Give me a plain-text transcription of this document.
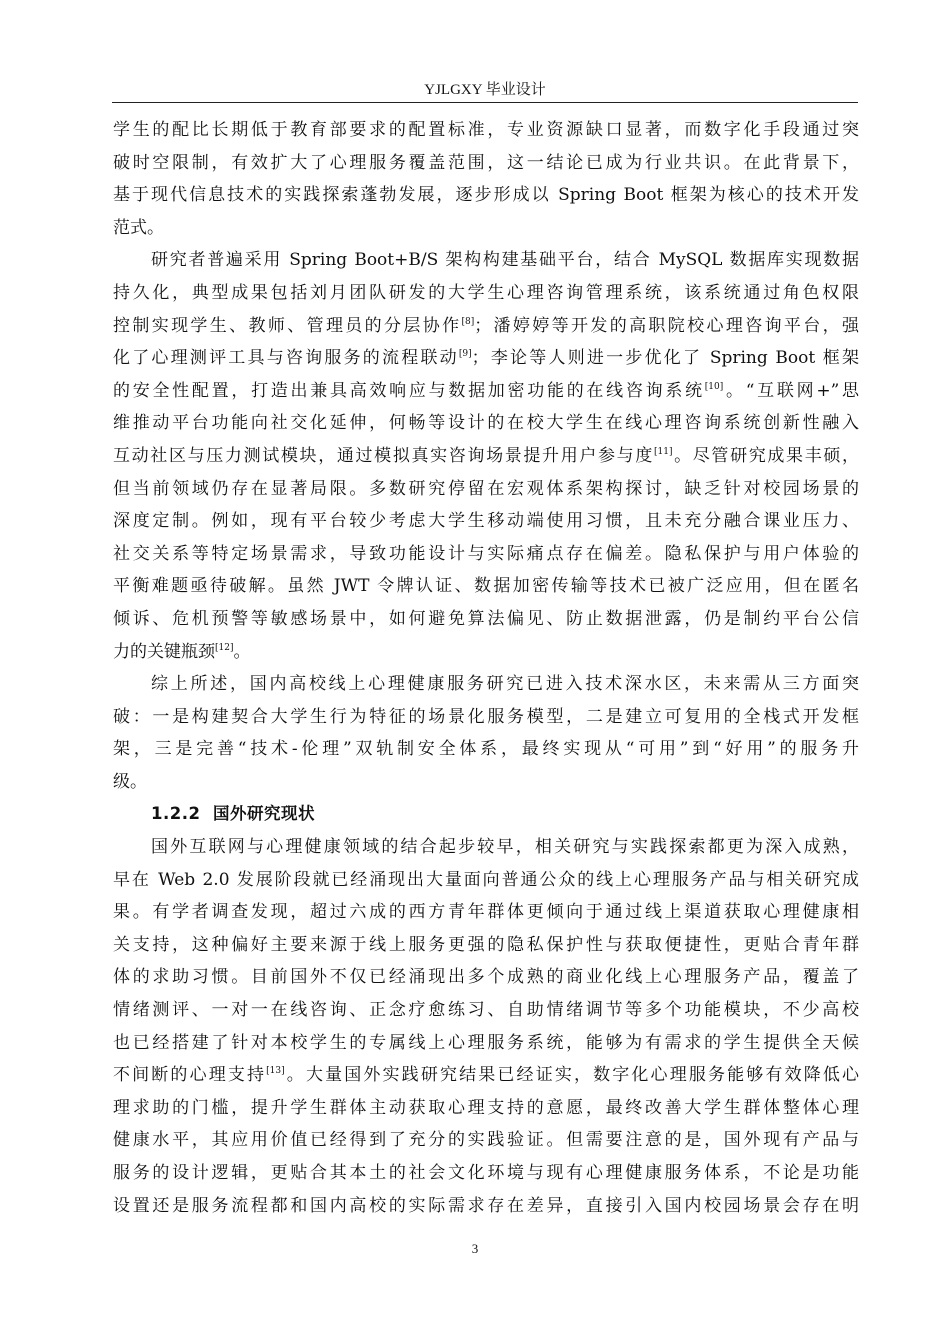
YJLGXY 毕业设计
学生的配比长期低于教育部要求的配置标准，专业资源缺口显著，而数字化手段通过突
破时空限制，有效扩大了心理服务覆盖范围，这一结论已成为行业共识。在此背景下，
基于现代信息技术的实践探索蓬勃发展，逐步形成以 Spring Boot 框架为核心的技术开发
范式。
研究者普遍采用 Spring Boot+B/S 架构构建基础平台，结合 MySQL 数据库实现数据
持久化，典型成果包括刘月团队研发的大学生心理咨询管理系统，该系统通过角色权限
控制实现学生、教师、管理员的分层协作[8]；潘婷婷等开发的高职院校心理咨询平台，强
化了心理测评工具与咨询服务的流程联动[9]；李论等人则进一步优化了 Spring Boot 框架
的安全性配置，打造出兼具高效响应与数据加密功能的在线咨询系统[10]。“互联网+”思
维推动平台功能向社交化延伸，何畅等设计的在校大学生在线心理咨询系统创新性融入
互动社区与压力测试模块，通过模拟真实咨询场景提升用户参与度[11]。尽管研究成果丰硕，
但当前领域仍存在显著局限。多数研究停留在宏观体系架构探讨，缺乏针对校园场景的
深度定制。例如，现有平台较少考虑大学生移动端使用习惯，且未充分融合课业压力、
社交关系等特定场景需求，导致功能设计与实际痛点存在偏差。隐私保护与用户体验的
平衡难题亟待破解。虽然 JWT 令牌认证、数据加密传输等技术已被广泛应用，但在匿名
倾诉、危机预警等敏感场景中，如何避免算法偏见、防止数据泄露，仍是制约平台公信
力的关键瓶颈[12]。
综上所述，国内高校线上心理健康服务研究已进入技术深水区，未来需从三方面突
破：一是构建契合大学生行为特征的场景化服务模型，二是建立可复用的全栈式开发框
架，三是完善“技术-伦理”双轨制安全体系，最终实现从“可用”到“好用”的服务升
级。
1.2.2 国外研究现状
国外互联网与心理健康领域的结合起步较早，相关研究与实践探索都更为深入成熟，
早在 Web 2.0 发展阶段就已经涌现出大量面向普通公众的线上心理服务产品与相关研究成
果。有学者调查发现，超过六成的西方青年群体更倾向于通过线上渠道获取心理健康相
关支持，这种偏好主要来源于线上服务更强的隐私保护性与获取便捷性，更贴合青年群
体的求助习惯。目前国外不仅已经涌现出多个成熟的商业化线上心理服务产品，覆盖了
情绪测评、一对一在线咨询、正念疗愈练习、自助情绪调节等多个功能模块，不少高校
也已经搭建了针对本校学生的专属线上心理服务系统，能够为有需求的学生提供全天候
不间断的心理支持[13]。大量国外实践研究结果已经证实，数字化心理服务能够有效降低心
理求助的门槛，提升学生群体主动获取心理支持的意愿，最终改善大学生群体整体心理
健康水平，其应用价值已经得到了充分的实践验证。但需要注意的是，国外现有产品与
服务的设计逻辑，更贴合其本土的社会文化环境与现有心理健康服务体系，不论是功能
设置还是服务流程都和国内高校的实际需求存在差异，直接引入国内校园场景会存在明
3
